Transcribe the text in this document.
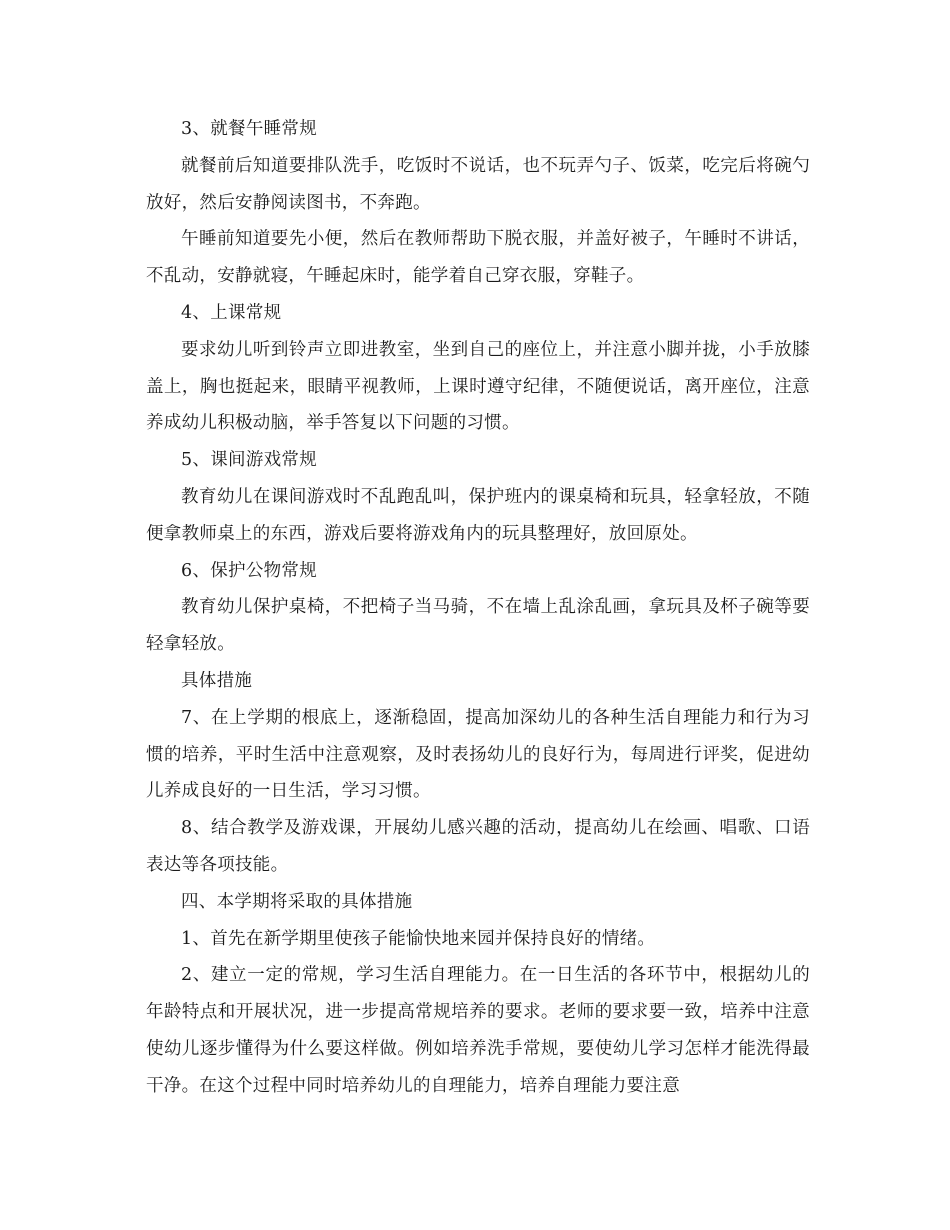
3、就餐午睡常规

就餐前后知道要排队洗手，吃饭时不说话，也不玩弄勺子、饭菜，吃完后将碗勺放好，然后安静阅读图书，不奔跑。

午睡前知道要先小便，然后在教师帮助下脱衣服，并盖好被子，午睡时不讲话，不乱动，安静就寝，午睡起床时，能学着自己穿衣服，穿鞋子。

4、上课常规

要求幼儿听到铃声立即进教室，坐到自己的座位上，并注意小脚并拢，小手放膝盖上，胸也挺起来，眼睛平视教师，上课时遵守纪律，不随便说话，离开座位，注意养成幼儿积极动脑，举手答复以下问题的习惯。

5、课间游戏常规

教育幼儿在课间游戏时不乱跑乱叫，保护班内的课桌椅和玩具，轻拿轻放，不随便拿教师桌上的东西，游戏后要将游戏角内的玩具整理好，放回原处。

6、保护公物常规

教育幼儿保护桌椅，不把椅子当马骑，不在墙上乱涂乱画，拿玩具及杯子碗等要轻拿轻放。

具体措施

7、在上学期的根底上，逐渐稳固，提高加深幼儿的各种生活自理能力和行为习惯的培养，平时生活中注意观察，及时表扬幼儿的良好行为，每周进行评奖，促进幼儿养成良好的一日生活，学习习惯。

8、结合教学及游戏课，开展幼儿感兴趣的活动，提高幼儿在绘画、唱歌、口语表达等各项技能。

四、本学期将采取的具体措施

1、首先在新学期里使孩子能愉快地来园并保持良好的情绪。

2、建立一定的常规，学习生活自理能力。在一日生活的各环节中，根据幼儿的年龄特点和开展状况，进一步提高常规培养的要求。老师的要求要一致，培养中注意使幼儿逐步懂得为什么要这样做。例如培养洗手常规，要使幼儿学习怎样才能洗得最干净。在这个过程中同时培养幼儿的自理能力，培养自理能力要注意
